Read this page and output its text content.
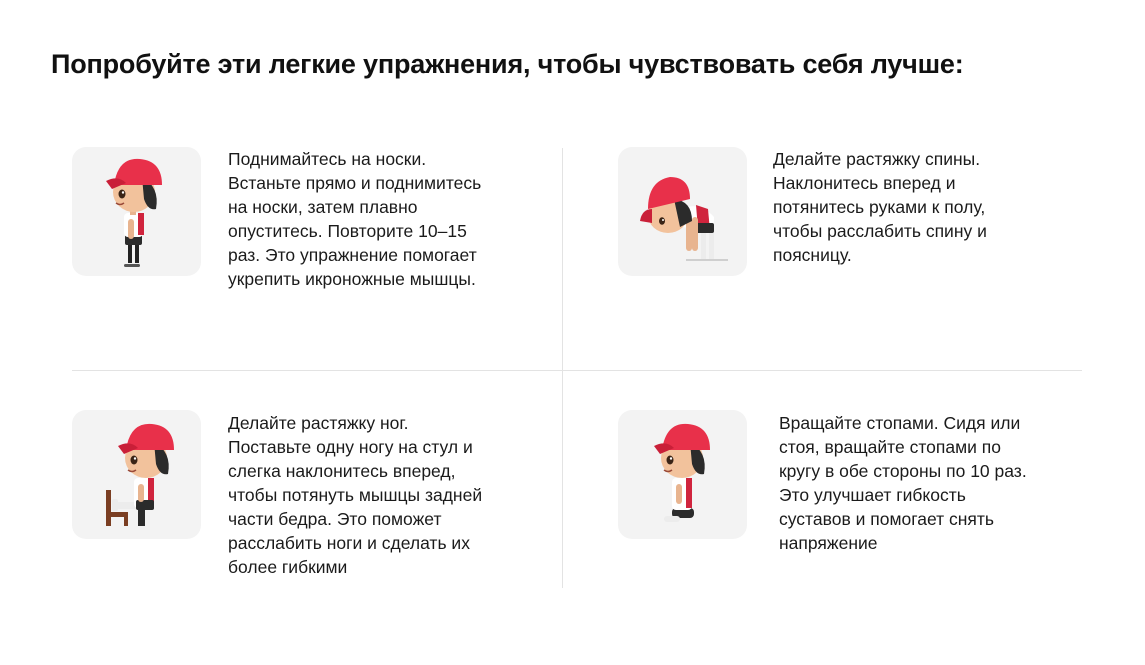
Попробуйте эти легкие упражнения, чтобы чувствовать себя лучше:
Поднимайтесь на носки.
Встаньте прямо и поднимитесь
на носки, затем плавно
опуститесь. Повторите 10–15
раз. Это упражнение помогает
укрепить икроножные мышцы.
Делайте растяжку спины.
Наклонитесь вперед и
потянитесь руками к полу,
чтобы расслабить спину и
поясницу.
Делайте растяжку ног.
Поставьте одну ногу на стул и
слегка наклонитесь вперед,
чтобы потянуть мышцы задней
части бедра. Это поможет
расслабить ноги и сделать их
более гибкими
Вращайте стопами. Сидя или
стоя, вращайте стопами по
кругу в обе стороны по 10 раз.
Это улучшает гибкость
суставов и помогает снять
напряжение
